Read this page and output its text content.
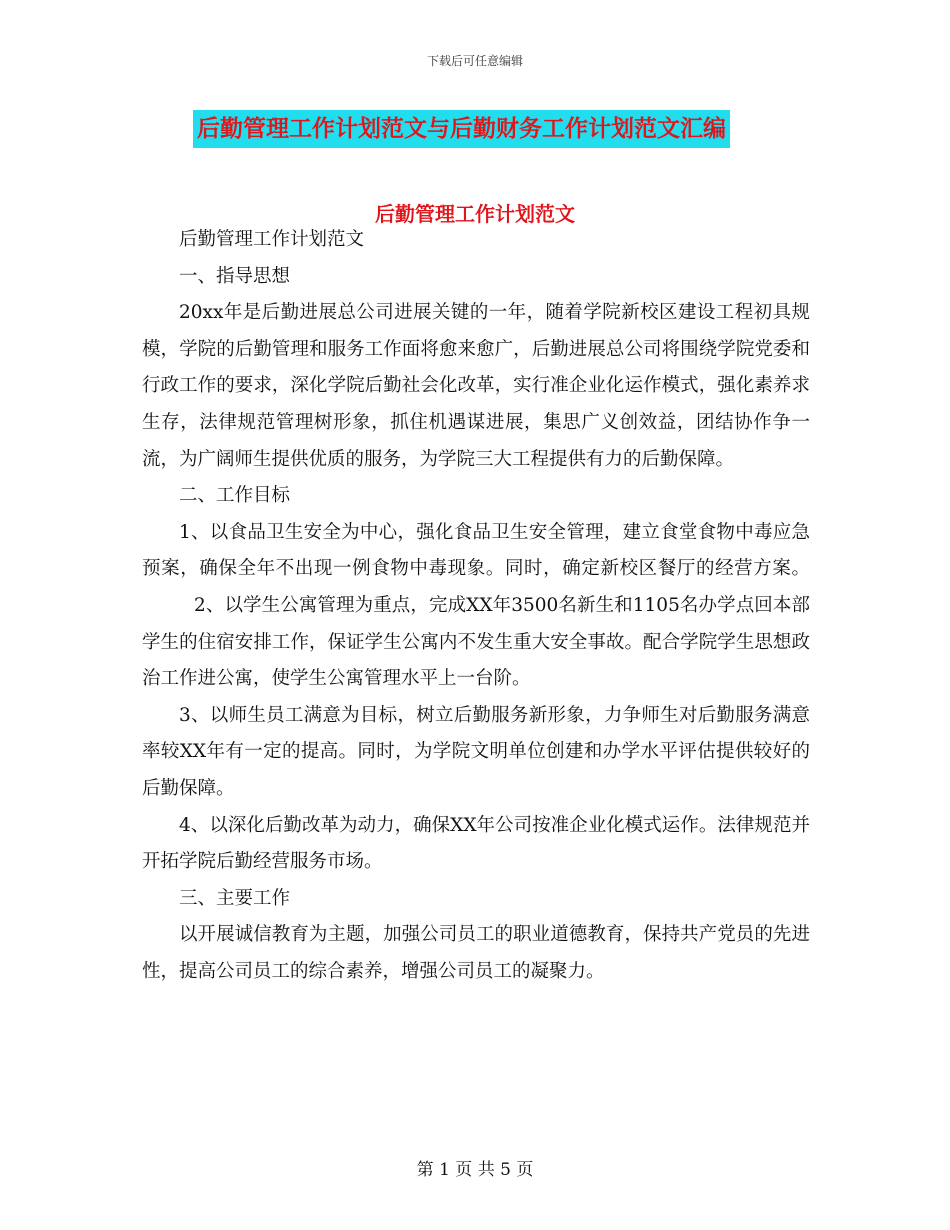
下载后可任意编辑
后勤管理工作计划范文与后勤财务工作计划范文汇编
后勤管理工作计划范文

后勤管理工作计划范文

一、指导思想

20xx年是后勤进展总公司进展关键的一年，随着学院新校区建设工程初具规模，学院的后勤管理和服务工作面将愈来愈广，后勤进展总公司将围绕学院党委和行政工作的要求，深化学院后勤社会化改革，实行准企业化运作模式，强化素养求生存，法律规范管理树形象，抓住机遇谋进展，集思广义创效益，团结协作争一流，为广阔师生提供优质的服务，为学院三大工程提供有力的后勤保障。

二、工作目标

1、以食品卫生安全为中心，强化食品卫生安全管理，建立食堂食物中毒应急预案，确保全年不出现一例食物中毒现象。同时，确定新校区餐厅的经营方案。2、以学生公寓管理为重点，完成XX年3500名新生和1105名办学点回本部学生的住宿安排工作，保证学生公寓内不发生重大安全事故。配合学院学生思想政治工作进公寓，使学生公寓管理水平上一台阶。

3、以师生员工满意为目标，树立后勤服务新形象，力争师生对后勤服务满意率较XX年有一定的提高。同时，为学院文明单位创建和办学水平评估提供较好的后勤保障。

4、以深化后勤改革为动力，确保XX年公司按准企业化模式运作。法律规范并开拓学院后勤经营服务市场。

三、主要工作

以开展诚信教育为主题，加强公司员工的职业道德教育，保持共产党员的先进性，提高公司员工的综合素养，增强公司员工的凝聚力。

第 1 页 共 5 页
